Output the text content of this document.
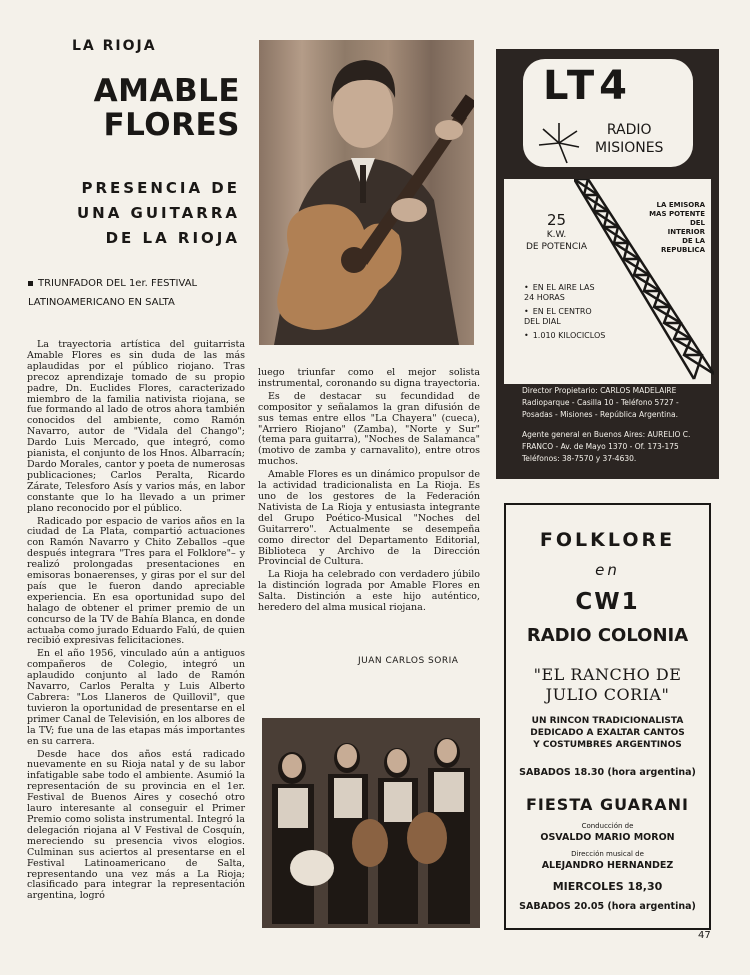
LA RIOJA
AMABLE
FLORES
PRESENCIA DE
UNA GUITARRA
DE LA RIOJA
TRIUNFADOR DEL 1er. FESTIVAL
LATINOAMERICANO EN SALTA

La trayectoria artística del guitarrista Amable Flores es sin duda de las más aplaudidas por el público riojano. Tras precoz aprendizaje tomado de su propio padre, Dn. Euclides Flores, caracterizado miembro de la familia nativista riojana, se fue formando al lado de otros ahora también conocidos del ambiente, como Ramón Navarro, autor de "Vidala del Chango"; Dardo Luis Mercado, que integró, como pianista, el conjunto de los Hnos. Albarracín; Dardo Morales, cantor y poeta de numerosas publicaciones; Carlos Peralta, Ricardo Zárate, Telesforo Asís y varios más, en labor constante que lo ha llevado a un primer plano reconocido por el público.

Radicado por espacio de varios años en la ciudad de La Plata, compartió actuaciones con Ramón Navarro y Chito Zeballos –que después integrara "Tres para el Folklore"– y realizó prolongadas presentaciones en emisoras bonaerenses, y giras por el sur del país que le fueron dando apreciable experiencia. En esa oportunidad supo del halago de obtener el primer premio de un concurso de la TV de Bahía Blanca, en donde actuaba como jurado Eduardo Falú, de quien recibió expresivas felicitaciones.

En el año 1956, vinculado aún a antiguos compañeros de Colegio, integró un aplaudido conjunto al lado de Ramón Navarro, Carlos Peralta y Luis Alberto Cabrera: "Los Llaneros de Quillovil", que tuvieron la oportunidad de presentarse en el primer Canal de Televisión, en los albores de la TV; fue una de las etapas más importantes en su carrera.

Desde hace dos años está radicado nuevamente en su Rioja natal y de su labor infatigable sabe todo el ambiente. Asumió la representación de su provincia en el 1er. Festival de Buenos Aires y cosechó otro lauro interesante al conseguir el Primer Premio como solista instrumental. Integró la delegación riojana al V Festival de Cosquín, mereciendo su presencia vivos elogios. Culminan sus aciertos al presentarse en el Festival Latinoamericano de Salta, representando una vez más a La Rioja; clasificado para integrar la representación argentina, logró

luego triunfar como el mejor solista instrumental, coronando su digna trayectoria.

Es de destacar su fecundidad de compositor y señalamos la gran difusión de sus temas entre ellos "La Chayera" (cueca), "Arriero Riojano" (Zamba), "Norte y Sur" (tema para guitarra), "Noches de Salamanca" (motivo de zamba y carnavalito), entre otros muchos.

Amable Flores es un dinámico propulsor de la actividad tradicionalista en La Rioja. Es uno de los gestores de la Federación Nativista de La Rioja y entusiasta integrante del Grupo Poético-Musical "Noches del Guitarrero". Actualmente se desempeña como director del Departamento Editorial, Biblioteca y Archivo de la Dirección Provincial de Cultura.

La Rioja ha celebrado con verdadero júbilo la distinción lograda por Amable Flores en Salta. Distinción a este hijo auténtico, heredero del alma musical riojana.

JUAN CARLOS SORIA
LT4
RADIO
MISIONES
25
K.W.
DE POTENCIA
LA EMISORA
MAS POTENTE
DEL
INTERIOR
DE LA
REPUBLICA
• EN EL AIRE LAS 24 HORAS
• EN EL CENTRO DEL DIAL
• 1.010 KILOCICLOS
Director Propietario: CARLOS MADELAIRE
Radioparque - Casilla 10 - Teléfono 5727 -
Posadas - Misiones - República Argentina.
Agente general en Buenos Aires: AURELIO C.
FRANCO - Av. de Mayo 1370 - Of. 173-175
Teléfonos: 38-7570 y 37-4630.
FOLKLORE
en
CW1
RADIO COLONIA
"EL RANCHO DE
JULIO CORIA"
UN RINCON TRADICIONALISTA
DEDICADO A EXALTAR CANTOS
Y COSTUMBRES ARGENTINOS
SABADOS 18.30 (hora argentina)
FIESTA GUARANI
Conducción de
OSVALDO MARIO MORON
Dirección musical de
ALEJANDRO HERNANDEZ
MIERCOLES 18,30
SABADOS 20.05 (hora argentina)
47
